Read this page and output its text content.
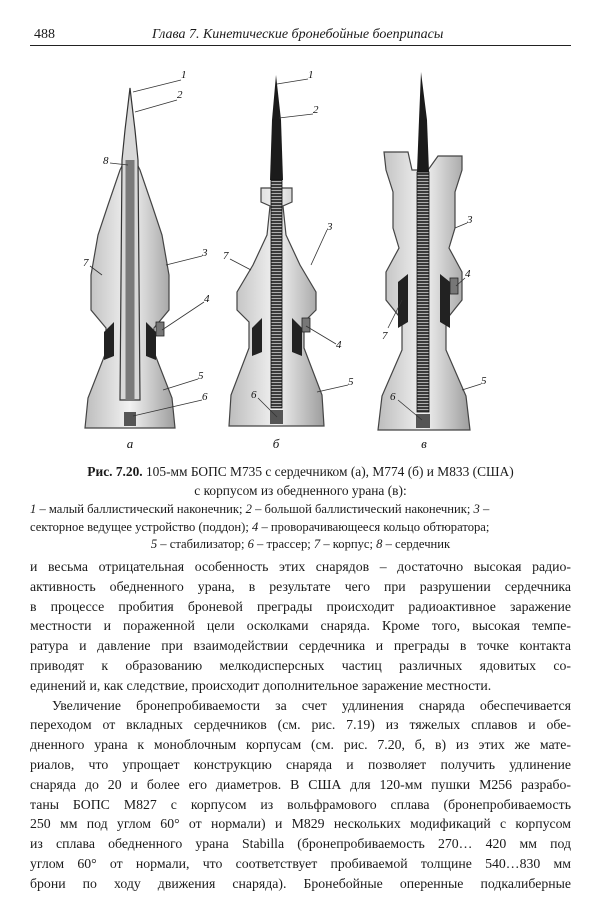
488	Глава 7. Кинетические бронебойные боеприпасы
1
2
8
3
7
4
5
6
1
2
3
7
4
5
6
3
7
4
5
6
а	б	в
Рис. 7.20. 105-мм БОПС М735 с сердечником (а), М774 (б) и М833 (США)
с корпусом из обедненного урана (в):
1 – малый баллистический наконечник; 2 – большой баллистический наконечник; 3 –
секторное ведущее устройство (поддон); 4 – проворачивающееся кольцо обтюратора;
5 – стабилизатор; 6 – трассер; 7 – корпус; 8 – сердечник
и весьма отрицательная особенность этих снарядов – достаточно высокая радио-
активность обедненного урана, в результате чего при разрушении сердечника
в процессе пробития броневой преграды происходит радиоактивное заражение
местности и пораженной цели осколками снаряда. Кроме того, высокая темпе-
ратура и давление при взаимодействии сердечника и преграды в точке контакта
приводят к образованию мелкодисперсных частиц различных ядовитых со-
единений и, как следствие, происходит дополнительное заражение местности.
Увеличение бронепробиваемости за счет удлинения снаряда обеспечивается
переходом от вкладных сердечников (см. рис. 7.19) из тяжелых сплавов и обе-
дненного урана к моноблочным корпусам (см. рис. 7.20, б, в) из этих же мате-
риалов, что упрощает конструкцию снаряда и позволяет получить удлинение
снаряда до 20 и более его диаметров. В США для 120-мм пушки M256 разрабо-
таны БОПС М827 с корпусом из вольфрамового сплава (бронепробиваемость
250 мм под углом 60° от нормали) и М829 нескольких модификаций с корпусом
из сплава обедненного урана Stabilla (бронепробиваемость 270… 420 мм под
углом 60° от нормали, что соответствует пробиваемой толщине 540…830 мм
брони по ходу движения снаряда). Бронебойные оперенные подкалиберные
